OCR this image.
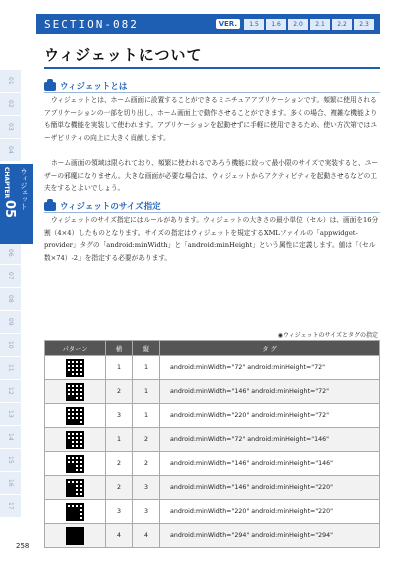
SECTION-082	VER.	1.5	1.6	2.0	2.1	2.2	2.3
ウィジェットについて
01
02
03
04
06
07
08
09
10
11
12
13
14
15
16
17
CHAPTER
05 ウィジェット
ウィジェットとは
ウィジェットとは、ホーム画面に設置することができるミニチュアアプリケーションです。頻繁に使用されるアプリケーションの一部を切り出し、ホーム画面上で動作させることができます。多くの場合、複雑な機能よりも簡単な機能を実装して使われます。アプリケーションを起動せずに手軽に使用できるため、使い方次第ではユーザビリティの向上に大きく貢献します。
ホーム画面の領域は限られており、頻繁に使われるであろう機能に絞って最小限のサイズで実装すると、ユーザーの邪魔になりません。大きな画面が必要な場合は、ウィジェットからアクティビティを起動させるなどの工夫をするとよいでしょう。
ウィジェットのサイズ指定
ウィジェットのサイズ指定にはルールがあります。ウィジェットの大きさの最小単位（セル）は、画面を16分割（4×4）したものとなります。サイズの指定はウィジェットを規定するXMLファイルの「appwidget-provider」タグの「android:minWidth」と「android:minHeight」という属性に定義します。値は「（セル数×74）-2」を指定する必要があります。
◉ウィジェットのサイズとタグの指定
パターン	横	縦	タ グ

	1	1	android:minWidth="72" android:minHeight="72"

	2	1	android:minWidth="146" android:minHeight="72"

	3	1	android:minWidth="220" android:minHeight="72"

	1	2	android:minWidth="72" android:minHeight="146"

	2	2	android:minWidth="146" android:minHeight="146"

	2	3	android:minWidth="146" android:minHeight="220"

	3	3	android:minWidth="220" android:minHeight="220"

	4	4	android:minWidth="294" android:minHeight="294"
258
